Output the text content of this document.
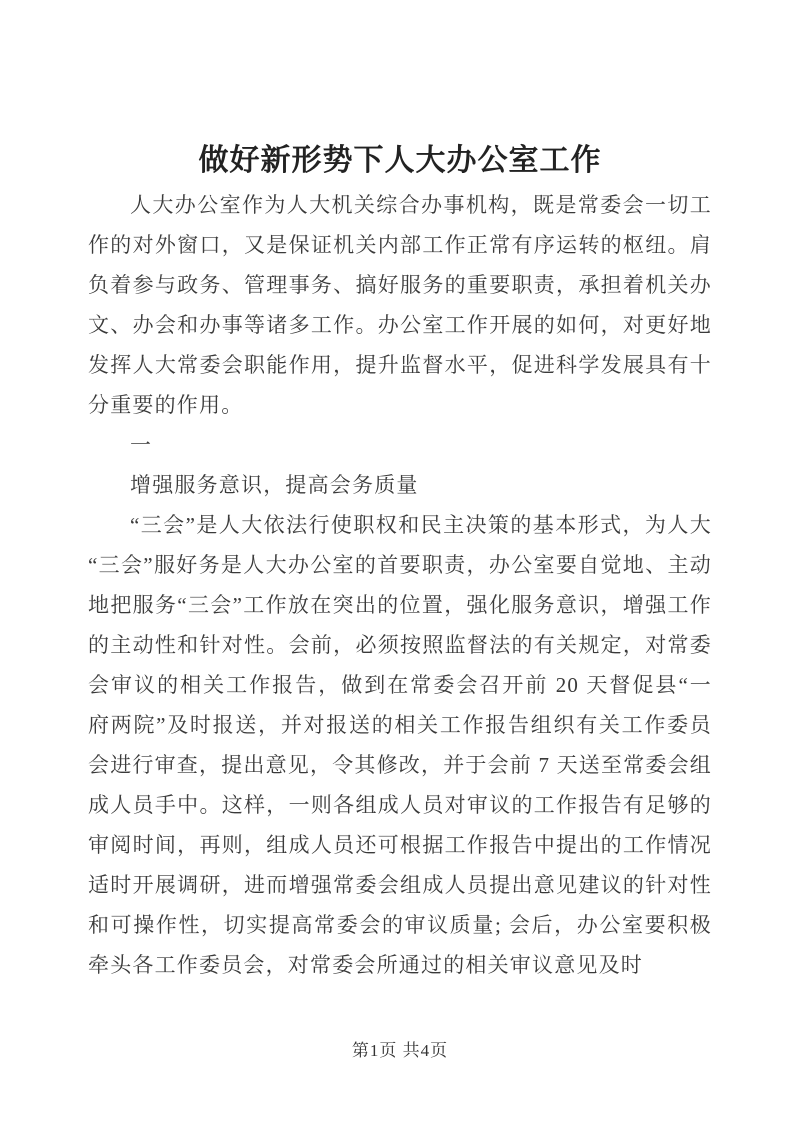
做好新形势下人大办公室工作

人大办公室作为人大机关综合办事机构，既是常委会一切工作的对外窗口，又是保证机关内部工作正常有序运转的枢纽。肩负着参与政务、管理事务、搞好服务的重要职责，承担着机关办文、办会和办事等诸多工作。办公室工作开展的如何，对更好地发挥人大常委会职能作用，提升监督水平，促进科学发展具有十分重要的作用。

一

增强服务意识，提高会务质量

“三会”是人大依法行使职权和民主决策的基本形式，为人大“三会”服好务是人大办公室的首要职责，办公室要自觉地、主动地把服务“三会”工作放在突出的位置，强化服务意识，增强工作的主动性和针对性。会前，必须按照监督法的有关规定，对常委会审议的相关工作报告，做到在常委会召开前 20 天督促县“一府两院”及时报送，并对报送的相关工作报告组织有关工作委员会进行审查，提出意见，令其修改，并于会前 7 天送至常委会组成人员手中。这样，一则各组成人员对审议的工作报告有足够的审阅时间，再则，组成人员还可根据工作报告中提出的工作情况适时开展调研，进而增强常委会组成人员提出意见建议的针对性和可操作性，切实提高常委会的审议质量; 会后，办公室要积极牵头各工作委员会，对常委会所通过的相关审议意见及时

第1页 共4页
